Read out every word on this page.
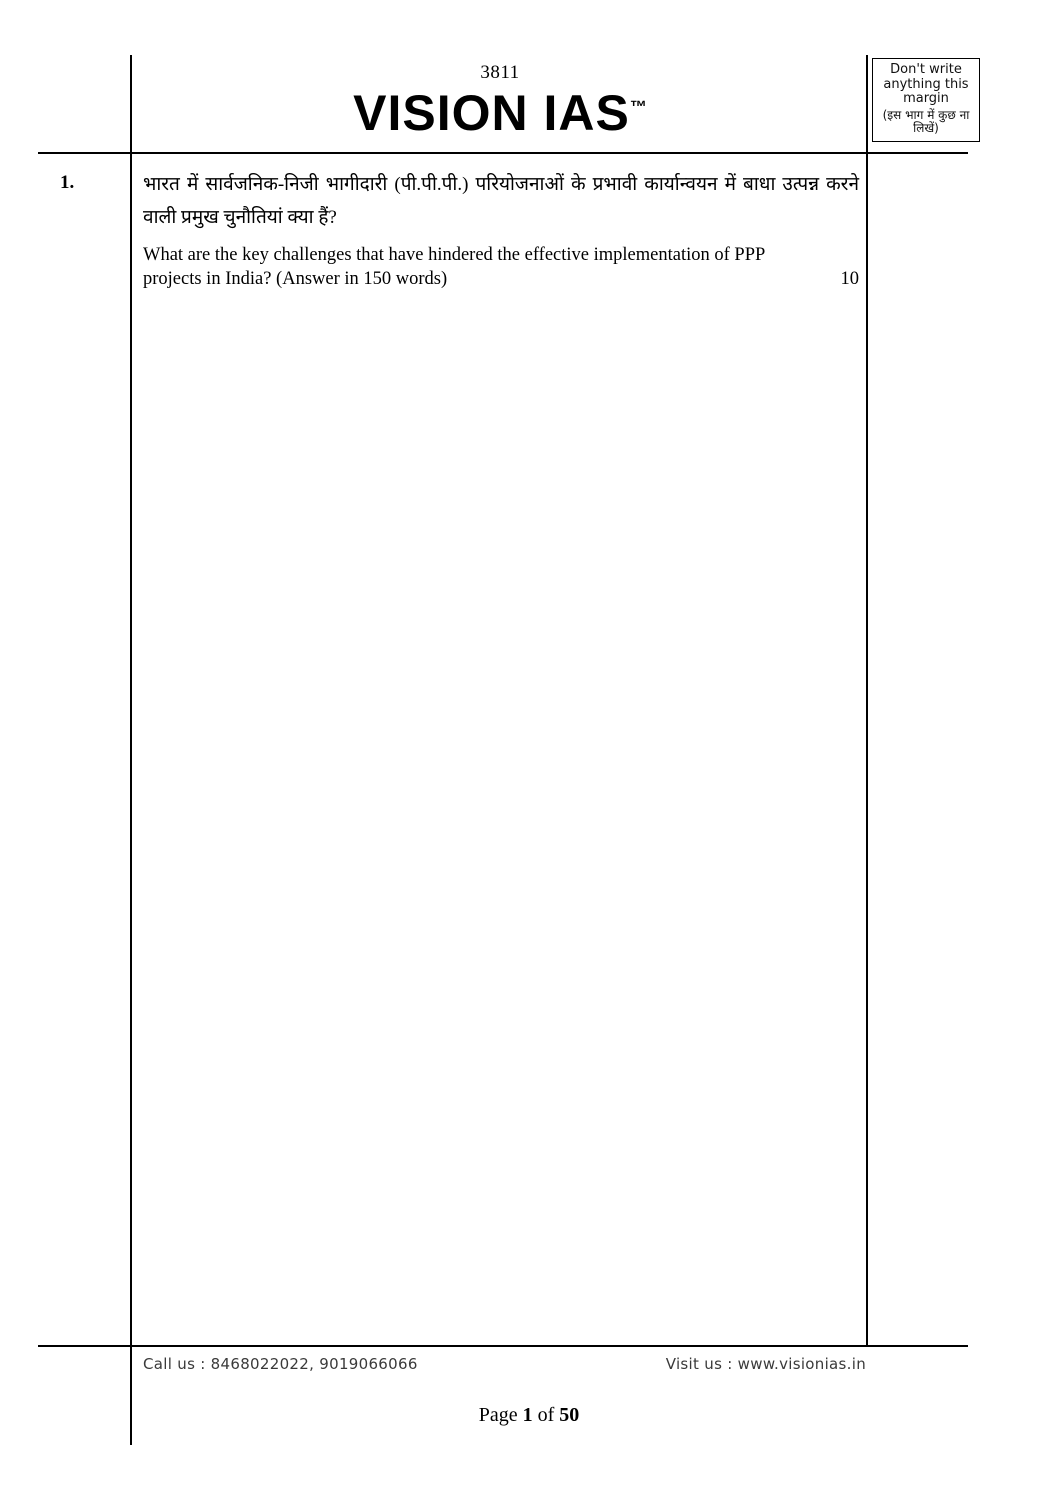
3811
VISION IAS™
Don't write
anything this
margin
(इस भाग में कुछ ना लिखें)
1.	भारत में सार्वजनिक-निजी भागीदारी (पी.पी.पी.) परियोजनाओं के प्रभावी कार्यान्वयन में बाधा उत्पन्न करने वाली प्रमुख चुनौतियां क्या हैं?

What are the key challenges that have hindered the effective implementation of PPP
projects in India? (Answer in 150 words)	10

Call us : 8468022022, 9019066066	Visit us : www.visionias.in
Page 1 of 50
